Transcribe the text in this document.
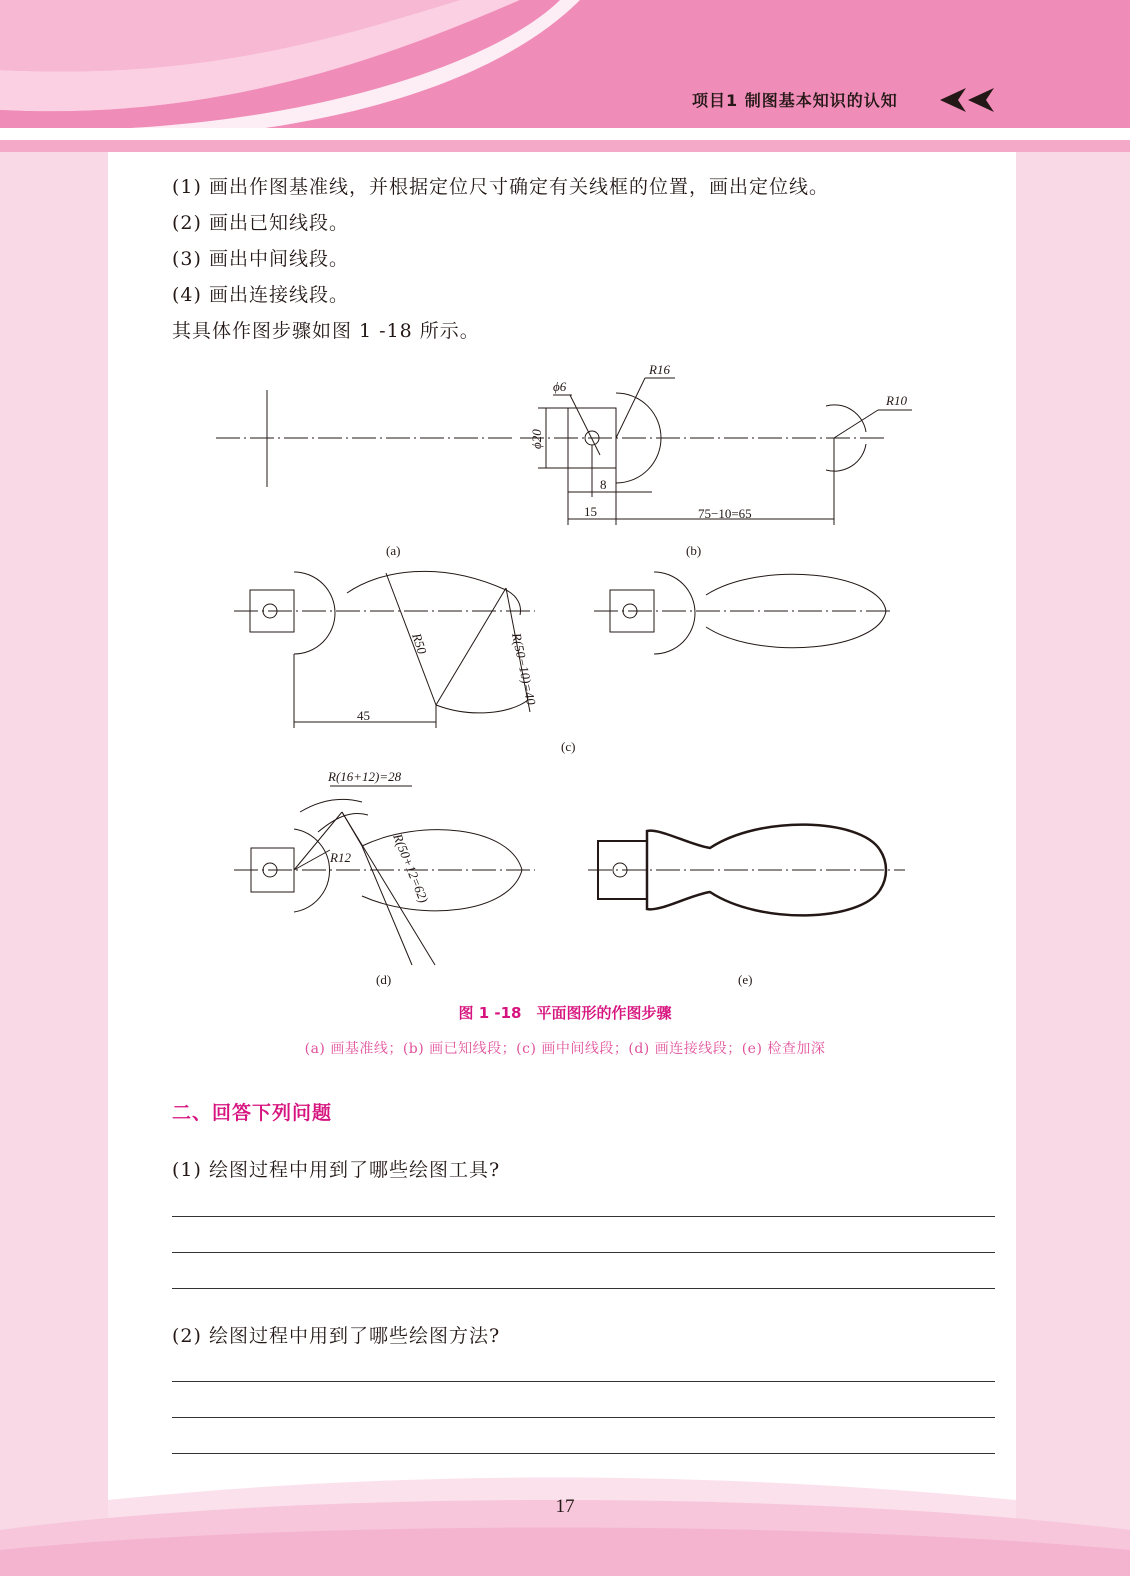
项目1 制图基本知识的认知
(1) 画出作图基准线，并根据定位尺寸确定有关线框的位置，画出定位线。
(2) 画出已知线段。
(3) 画出中间线段。
(4) 画出连接线段。
其具体作图步骤如图 1 -18 所示。
ϕ6
R16
R10
ϕ20
8
15	75−10=65
R50	R(50−10)=40
45
R(16+12)=28
R12	R(50+12=62)
(a)	(b)
(c)
(d)	(e)
图 1 -18　平面图形的作图步骤
(a) 画基准线；(b) 画已知线段；(c) 画中间线段；(d) 画连接线段；(e) 检查加深
二、回答下列问题
(1) 绘图过程中用到了哪些绘图工具?
(2) 绘图过程中用到了哪些绘图方法?
17
